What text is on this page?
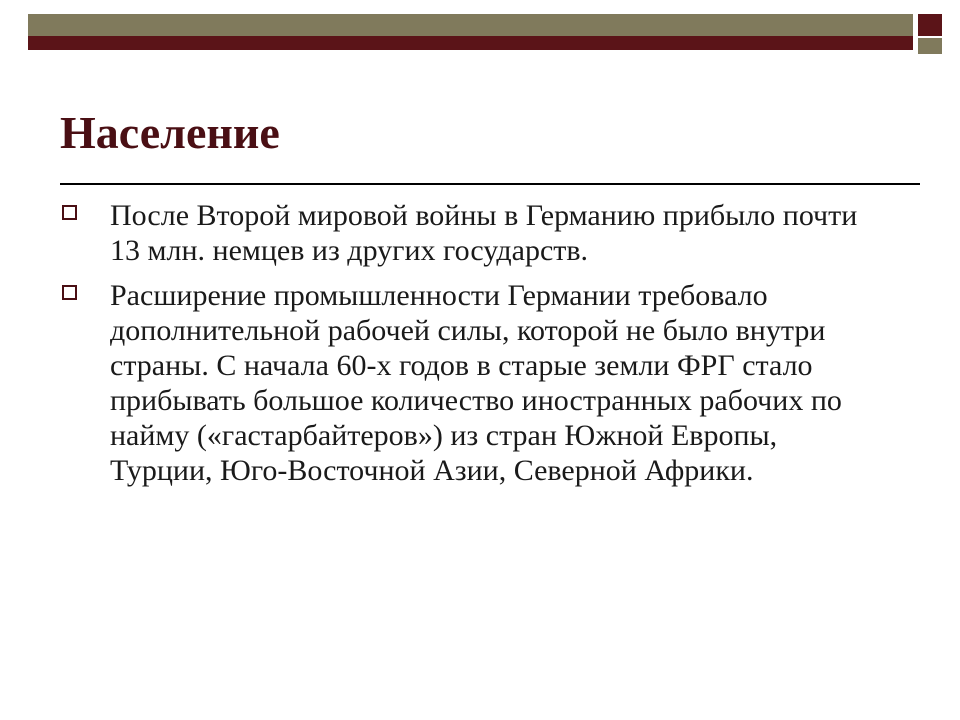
Население
После Второй мировой войны в Германию прибыло почти 13 млн. немцев из других государств.
Расширение промышленности Германии требовало дополнительной рабочей силы, которой не было внутри страны. С начала 60-х годов в старые земли ФРГ стало прибывать большое количество иностранных рабочих по найму («гастарбайтеров») из стран Южной Европы, Турции, Юго-Восточной Азии, Северной Африки.
